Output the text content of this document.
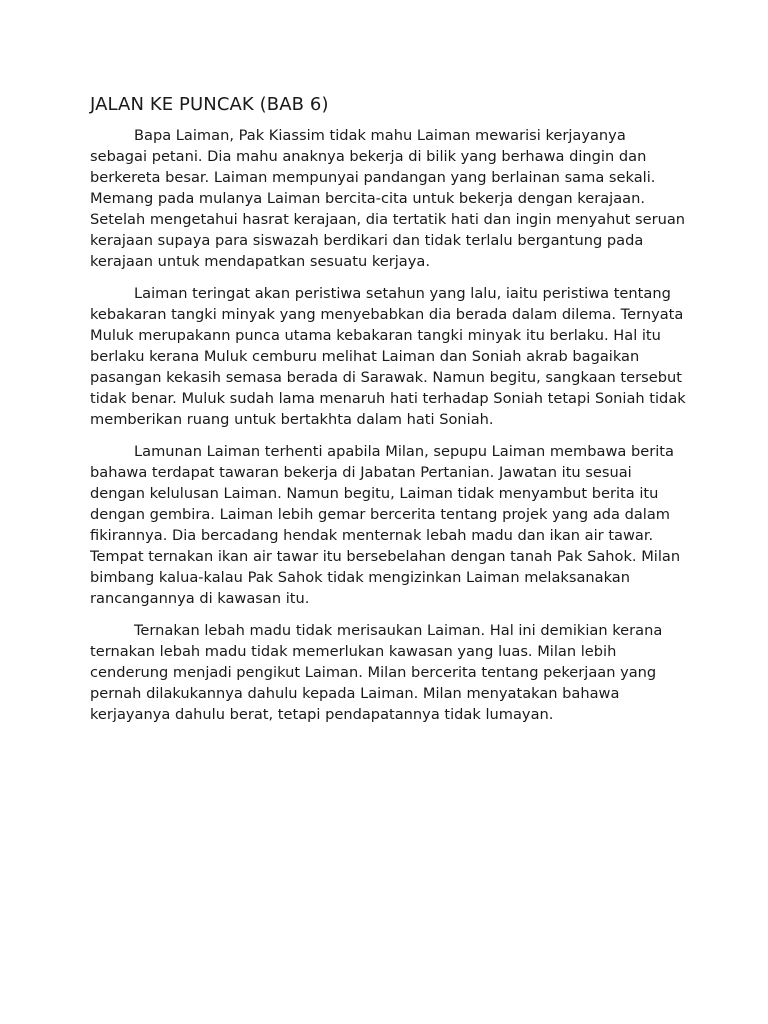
JALAN KE PUNCAK (BAB 6)

Bapa Laiman, Pak Kiassim tidak mahu Laiman mewarisi kerjayanya sebagai petani. Dia mahu anaknya bekerja di bilik yang berhawa dingin dan berkereta besar. Laiman mempunyai pandangan yang berlainan sama sekali. Memang pada mulanya Laiman bercita-cita untuk bekerja dengan kerajaan. Setelah mengetahui hasrat kerajaan, dia tertatik hati dan ingin menyahut seruan kerajaan supaya para siswazah berdikari dan tidak terlalu bergantung pada kerajaan untuk mendapatkan sesuatu kerjaya.

Laiman teringat akan peristiwa setahun yang lalu, iaitu peristiwa tentang kebakaran tangki minyak yang menyebabkan dia berada dalam dilema. Ternyata Muluk merupakann punca utama kebakaran tangki minyak itu berlaku. Hal itu berlaku kerana Muluk cemburu melihat Laiman dan Soniah akrab bagaikan pasangan kekasih semasa berada di Sarawak. Namun begitu, sangkaan tersebut tidak benar. Muluk sudah lama menaruh hati terhadap Soniah tetapi Soniah tidak memberikan ruang untuk bertakhta dalam hati Soniah.

Lamunan Laiman terhenti apabila Milan, sepupu Laiman membawa berita bahawa terdapat tawaran bekerja di Jabatan Pertanian. Jawatan itu sesuai dengan kelulusan Laiman. Namun begitu, Laiman tidak menyambut berita itu dengan gembira. Laiman lebih gemar bercerita tentang projek yang ada dalam fikirannya. Dia bercadang hendak menternak lebah madu dan ikan air tawar. Tempat ternakan ikan air tawar itu bersebelahan dengan tanah Pak Sahok. Milan bimbang kalua-kalau Pak Sahok tidak mengizinkan Laiman melaksanakan rancangannya di kawasan itu.

Ternakan lebah madu tidak merisaukan Laiman. Hal ini demikian kerana ternakan lebah madu tidak memerlukan kawasan yang luas. Milan lebih cenderung menjadi pengikut Laiman. Milan bercerita tentang pekerjaan yang pernah dilakukannya dahulu kepada Laiman. Milan menyatakan bahawa kerjayanya dahulu berat, tetapi pendapatannya tidak lumayan.
